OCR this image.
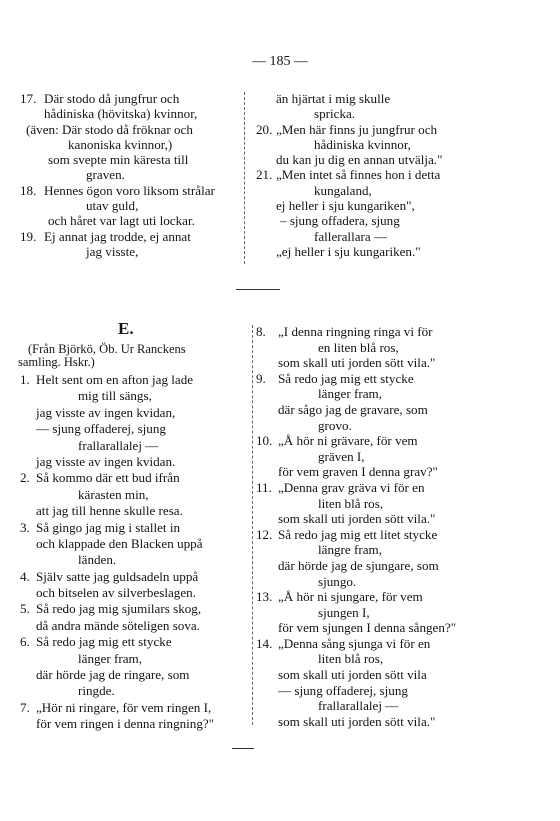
— 185 —
17. Där stodo då jungfrur och
hådiniska (hövitska) kvinnor,
(även: Där stodo då fröknar och
kanoniska kvinnor,)
som svepte min käresta till
graven.
18. Hennes ögon voro liksom strålar
utav guld,
och håret var lagt uti lockar.
19. Ej annat jag trodde, ej annat
jag visste,
än hjärtat i mig skulle
spricka.
20. „Men här finns ju jungfrur och
hådiniska kvinnor,
du kan ju dig en annan utvälja."
21. „Men intet så finnes hon i detta
kungaland,
ej heller i sju kungariken",
– sjung offadera, sjung
fallerallara —
„ej heller i sju kungariken."
E.
(Från Björkö, Öb. Ur Ranckens
samling. Hskr.)
1. Helt sent om en afton jag lade
mig till sängs,
jag visste av ingen kvidan,
— sjung offaderej, sjung
frallarallalej —
jag visste av ingen kvidan.
2. Så kommo där ett bud ifrån
kärasten min,
att jag till henne skulle resa.
3. Så gingo jag mig i stallet in
och klappade den Blacken uppå
länden.
4. Själv satte jag guldsadeln uppå
och bitselen av silverbeslagen.
5. Så redo jag mig sjumilars skog,
då andra mände söteligen sova.
6. Så redo jag mig ett stycke
länger fram,
där hörde jag de ringare, som
ringde.
7. „Hör ni ringare, för vem ringen I,
för vem ringen i denna ringning?"
8. „I denna ringning ringa vi för
en liten blå ros,
som skall uti jorden sött vila."
9. Så redo jag mig ett stycke
länger fram,
där sågo jag de gravare, som
grovo.
10. „Å hör ni grävare, för vem
gräven I,
för vem graven I denna grav?"
11. „Denna grav gräva vi för en
liten blå ros,
som skall uti jorden sött vila."
12. Så redo jag mig ett litet stycke
längre fram,
där hörde jag de sjungare, som
sjungo.
13. „Å hör ni sjungare, för vem
sjungen I,
för vem sjungen I denna sången?"
14. „Denna sång sjunga vi för en
liten blå ros,
som skall uti jorden sött vila
— sjung offaderej, sjung
frallarallalej —
som skall uti jorden sött vila."
